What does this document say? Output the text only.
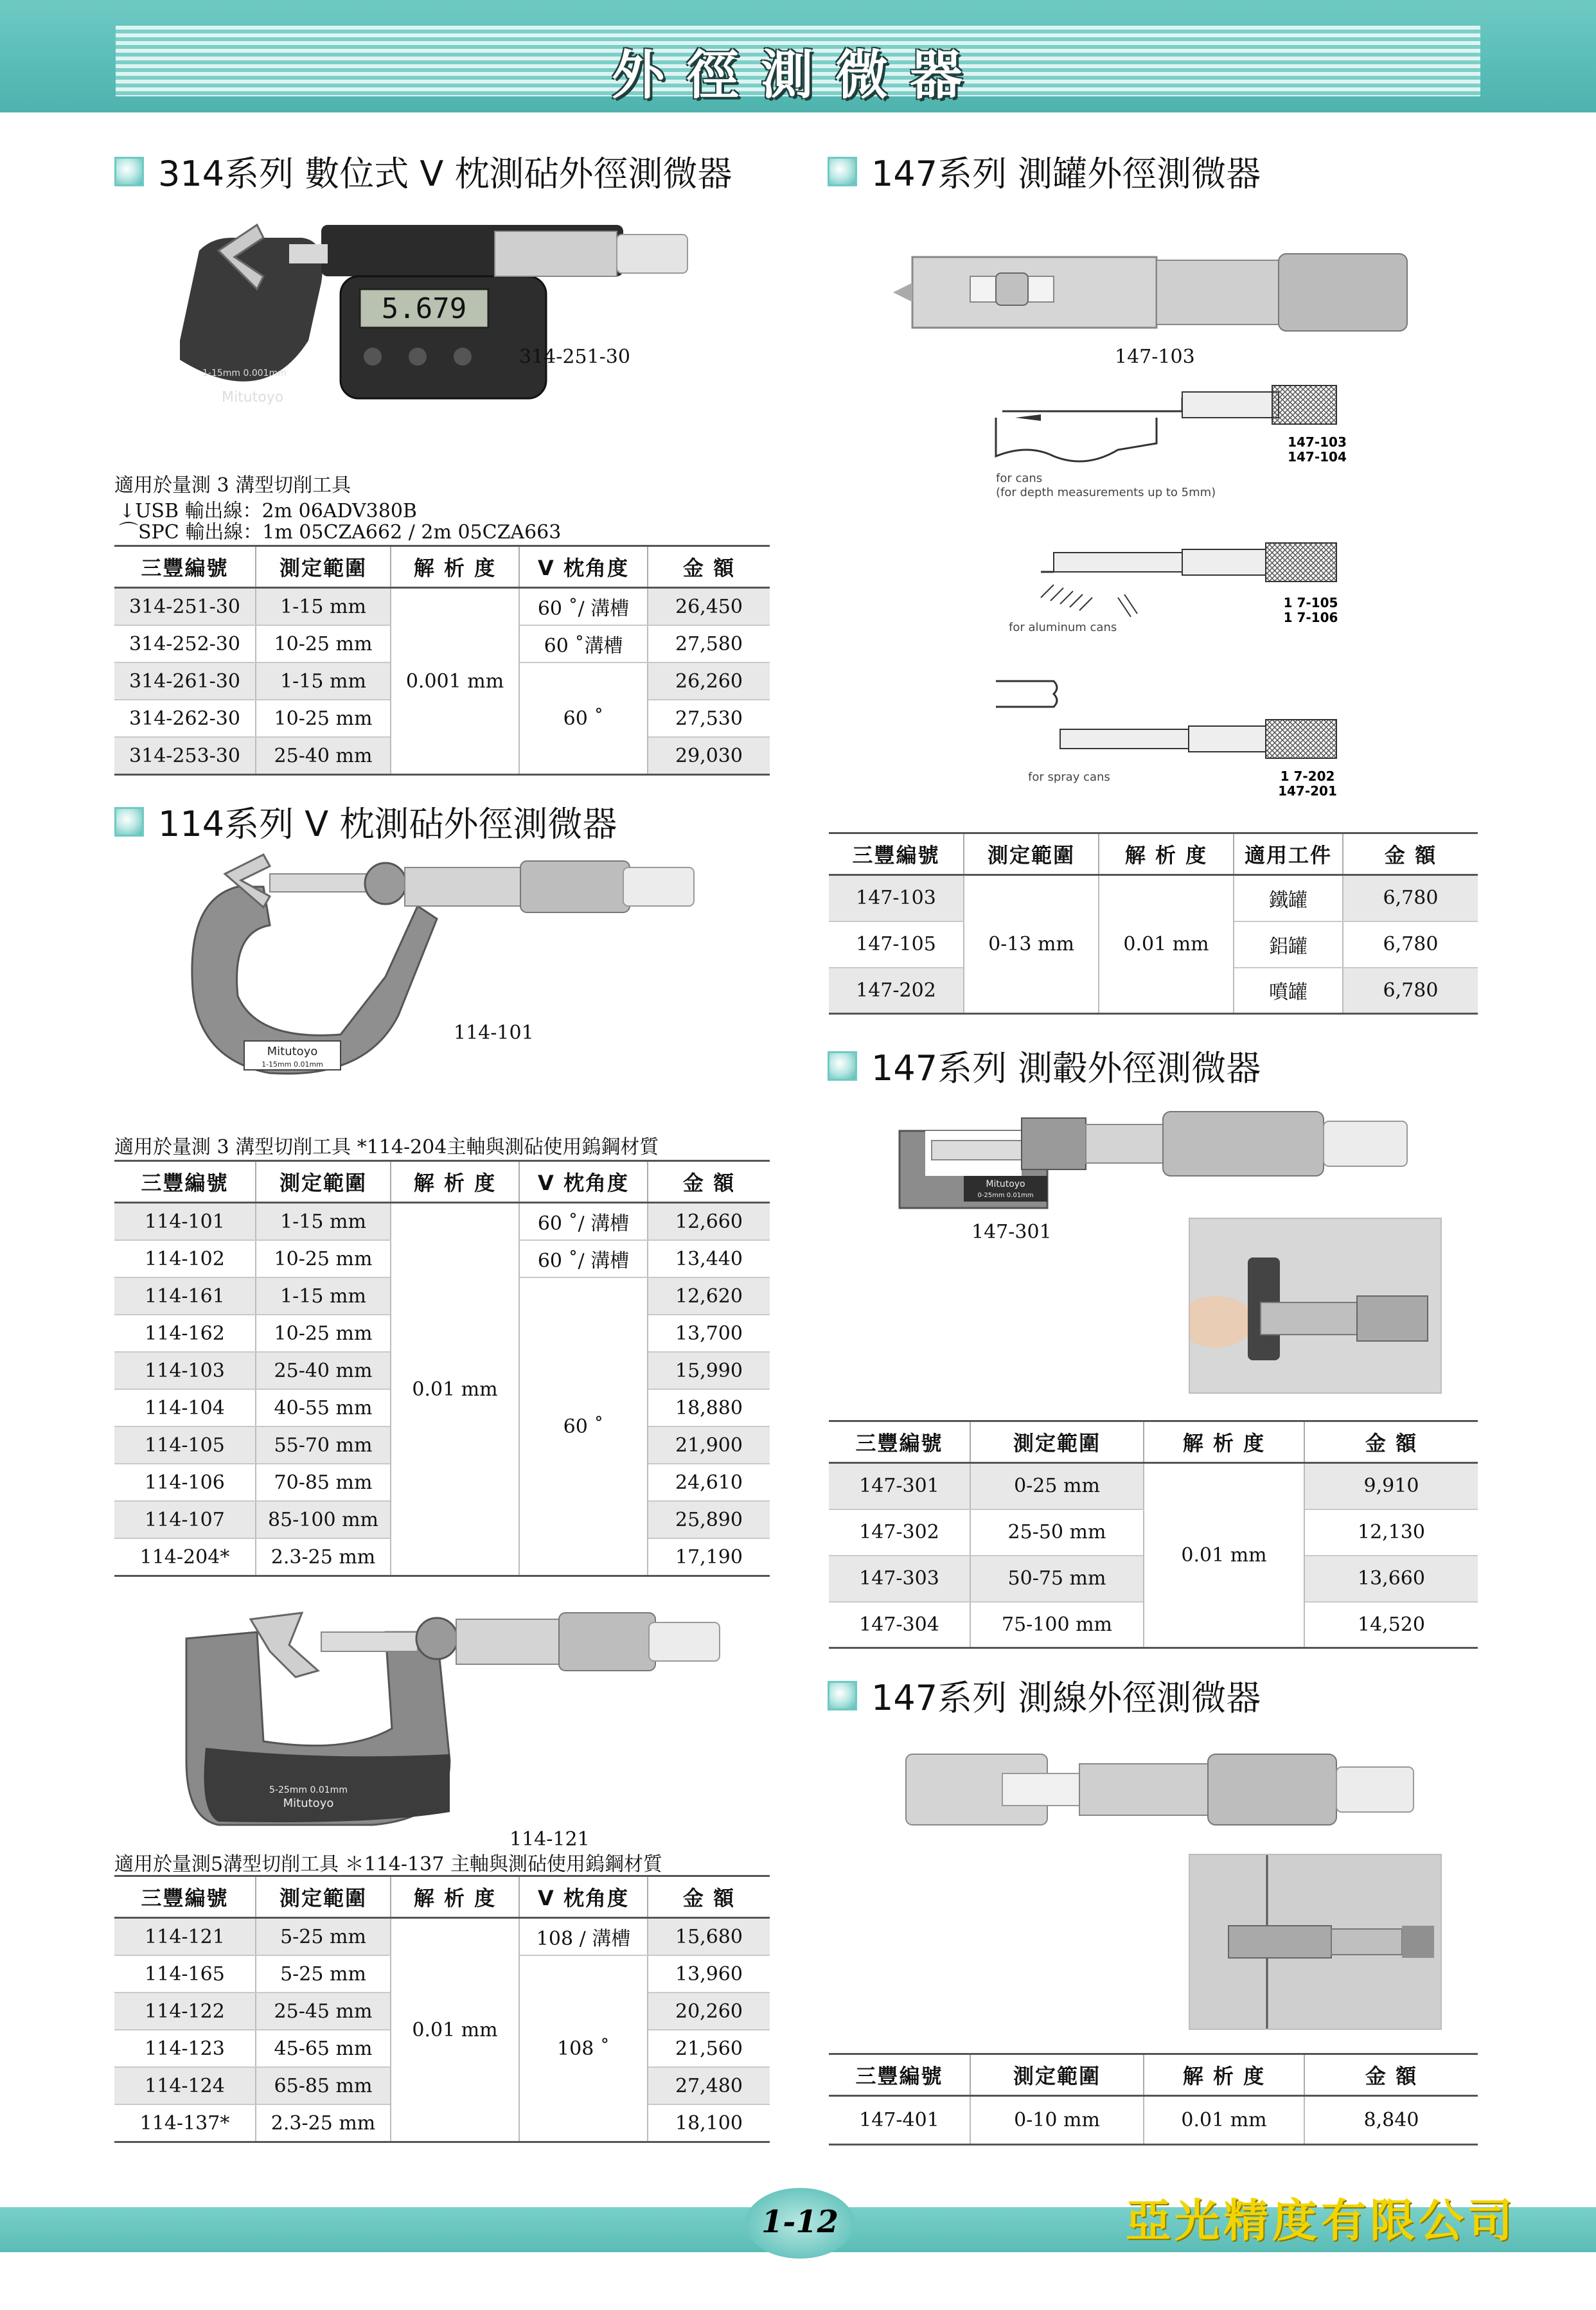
外徑測微器
314系列 數位式 V 枕測砧外徑測微器
5.679
Mitutoyo
1-15mm 0.001mm
314-251-30
適用於量測 3 溝型切削工具
↓USB 輸出線：2m 06ADV380B
⌒SPC 輸出線：1m 05CZA662 / 2m 05CZA663
三豐編號	測定範圍	解 析 度	V 枕角度	金 額
314-251-30	1-15 mm	0.001 mm	60 ˚/ 溝槽	26,450
314-252-30	10-25 mm		60 ˚溝槽	27,580
314-261-30	1-15 mm		60 ˚	26,260
314-262-30	10-25 mm			27,530
314-253-30	25-40 mm			29,030
114系列 V 枕測砧外徑測微器
Mitutoyo
1-15mm 0.01mm
114-101
適用於量測 3 溝型切削工具 *114-204主軸與測砧使用鎢鋼材質
三豐編號	測定範圍	解 析 度	V 枕角度	金 額
114-101	1-15 mm	0.01 mm	60 ˚/ 溝槽	12,660
114-102	10-25 mm		60 ˚/ 溝槽	13,440
114-161	1-15 mm		60 ˚	12,620
114-162	10-25 mm			13,700
114-103	25-40 mm			15,990
114-104	40-55 mm			18,880
114-105	55-70 mm			21,900
114-106	70-85 mm			24,610
114-107	85-100 mm			25,890
114-204*	2.3-25 mm			17,190
5-25mm 0.01mm
Mitutoyo
114-121
適用於量測5溝型切削工具 ＊114-137 主軸與測砧使用鎢鋼材質
三豐編號	測定範圍	解 析 度	V 枕角度	金 額
114-121	5-25 mm	0.01 mm	108 / 溝槽	15,680
114-165	5-25 mm		108 ˚	13,960
114-122	25-45 mm			20,260
114-123	45-65 mm			21,560
114-124	65-85 mm			27,480
114-137*	2.3-25 mm			18,100
147系列 測罐外徑測微器
147-103
147-103
147-104
for cans
(for depth measurements up to 5mm)
1 7-105
1 7-106
for aluminum cans
1 7-202
147-201
for spray cans
三豐編號	測定範圍	解 析 度	適用工件	金 額
147-103	0-13 mm	0.01 mm	鐵罐	6,780
147-105			鋁罐	6,780
147-202			噴罐	6,780
147系列 測轂外徑測微器
Mitutoyo
0-25mm 0.01mm
147-301
三豐編號	測定範圍	解 析 度	金 額
147-301	0-25 mm	0.01 mm	9,910
147-302	25-50 mm		12,130
147-303	50-75 mm		13,660
147-304	75-100 mm		14,520
147系列 測線外徑測微器
三豐編號	測定範圍	解 析 度	金 額
147-401	0-10 mm	0.01 mm	8,840
1-12	亞光精度有限公司
